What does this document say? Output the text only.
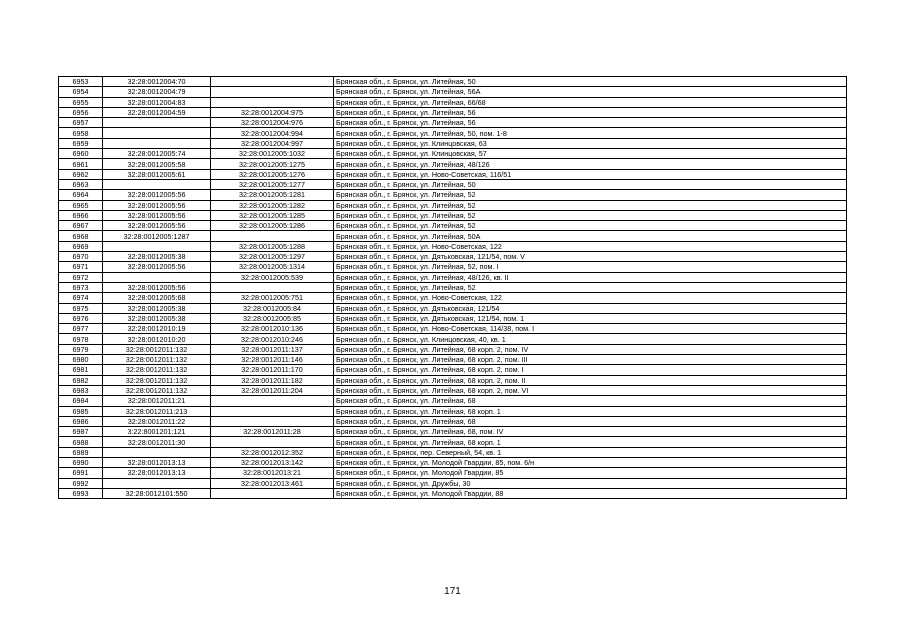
6953	32:28:0012004:70		Брянская обл., г. Брянск, ул. Литейная, 50
6954	32:28:0012004:79		Брянская обл., г. Брянск, ул. Литейная, 56А
6955	32:28:0012004:83		Брянская обл., г. Брянск, ул. Литейная, 66/68
6956	32:28:0012004:59	32:28:0012004:975	Брянская обл., г. Брянск, ул. Литейная, 56
6957		32:28:0012004:976	Брянская обл., г. Брянск, ул. Литейная, 56
6958		32:28:0012004:994	Брянская обл., г. Брянск, ул. Литейная, 50, пом. 1-8
6959		32:28:0012004:997	Брянская обл., г. Брянск, ул. Клинцовская, 63
6960	32:28:0012005:74	32:28:0012005:1032	Брянская обл., г. Брянск, ул. Клинцовская, 57
6961	32:28:0012005:58	32:28:0012005:1275	Брянская обл., г. Брянск, ул. Литейная, 48/126
6962	32:28:0012005:61	32:28:0012005:1276	Брянская обл., г. Брянск, ул. Ново-Советская, 116/51
6963		32:28:0012005:1277	Брянская обл., г. Брянск, ул. Литейная, 50
6964	32:28:0012005:56	32:28:0012005:1281	Брянская обл., г. Брянск, ул. Литейная, 52
6965	32:28:0012005:56	32:28:0012005:1282	Брянская обл., г. Брянск, ул. Литейная, 52
6966	32:28:0012005:56	32:28:0012005:1285	Брянская обл., г. Брянск, ул. Литейная, 52
6967	32:28:0012005:56	32:28:0012005:1286	Брянская обл., г. Брянск, ул. Литейная, 52
6968	32:28:0012005:1287		Брянская обл., г. Брянск, ул. Литейная, 50А
6969		32:28:0012005:1288	Брянская обл., г. Брянск, ул. Ново-Советская, 122
6970	32:28:0012005:38	32:28:0012005:1297	Брянская обл., г. Брянск, ул. Дятьковская, 121/54, пом. V
6971	32:28:0012005:56	32:28:0012005:1314	Брянская обл., г. Брянск, ул. Литейная, 52, пом. I
6972		32:28:0012005:539	Брянская обл., г. Брянск, ул. Литейная, 48/126, кв. II
6973	32:28:0012005:56		Брянская обл., г. Брянск, ул. Литейная, 52
6974	32:28:0012005:68	32:28:0012005:751	Брянская обл., г. Брянск, ул. Ново-Советская, 122
6975	32:28:0012005:38	32:28:0012005:84	Брянская обл., г. Брянск, ул. Дятьковская, 121/54
6976	32:28:0012005:38	32:28:0012005:85	Брянская обл., г. Брянск, ул. Дятьковская, 121/54, пом. 1
6977	32:28:0012010:19	32:28:0012010:136	Брянская обл., г. Брянск, ул. Ново-Советская, 114/38, пом. I
6978	32:28:0012010:20	32:28:0012010:246	Брянская обл., г. Брянск, ул. Клинцовская, 40, кв. 1
6979	32:28:0012011:132	32:28:0012011:137	Брянская обл., г. Брянск, ул. Литейная, 68 корп. 2, пом. IV
6980	32:28:0012011:132	32:28:0012011:146	Брянская обл., г. Брянск, ул. Литейная, 68 корп. 2, пом. III
6981	32:28:0012011:132	32:28:0012011:170	Брянская обл., г. Брянск, ул. Литейная, 68 корп. 2, пом. I
6982	32:28:0012011:132	32:28:0012011:182	Брянская обл., г. Брянск, ул. Литейная, 68 корп. 2, пом. II
6983	32:28:0012011:132	32:28:0012011:204	Брянская обл., г. Брянск, ул. Литейная, 68 корп. 2, пом. VI
6984	32:28:0012011:21		Брянская обл., г. Брянск, ул. Литейная, 68
6985	32:28:0012011:213		Брянская обл., г. Брянск, ул. Литейная, 68 корп. 1
6986	32:28:0012011:22		Брянская обл., г. Брянск, ул. Литейная, 68
6987	3:22:8001201:121	32:28:0012011:28	Брянская обл., г. Брянск, ул. Литейная, 68, пом. IV
6988	32:28:0012011:30		Брянская обл., г. Брянск, ул. Литейная, 68 корп. 1
6989		32:28:0012012:352	Брянская обл., г. Брянск, пер. Северный, 54, кв. 1
6990	32:28:0012013:13	32:28:0012013:142	Брянская обл., г. Брянск, ул. Молодой Гвардии, 85, пом. 6/н
6991	32:28:0012013:13	32:28:0012013:21	Брянская обл., г. Брянск, ул. Молодой Гвардии, 85
6992		32:28:0012013:461	Брянская обл., г. Брянск, ул. Дружбы, 30
6993	32:28:0012101:550		Брянская обл., г. Брянск, ул. Молодой Гвардии, 88
171
